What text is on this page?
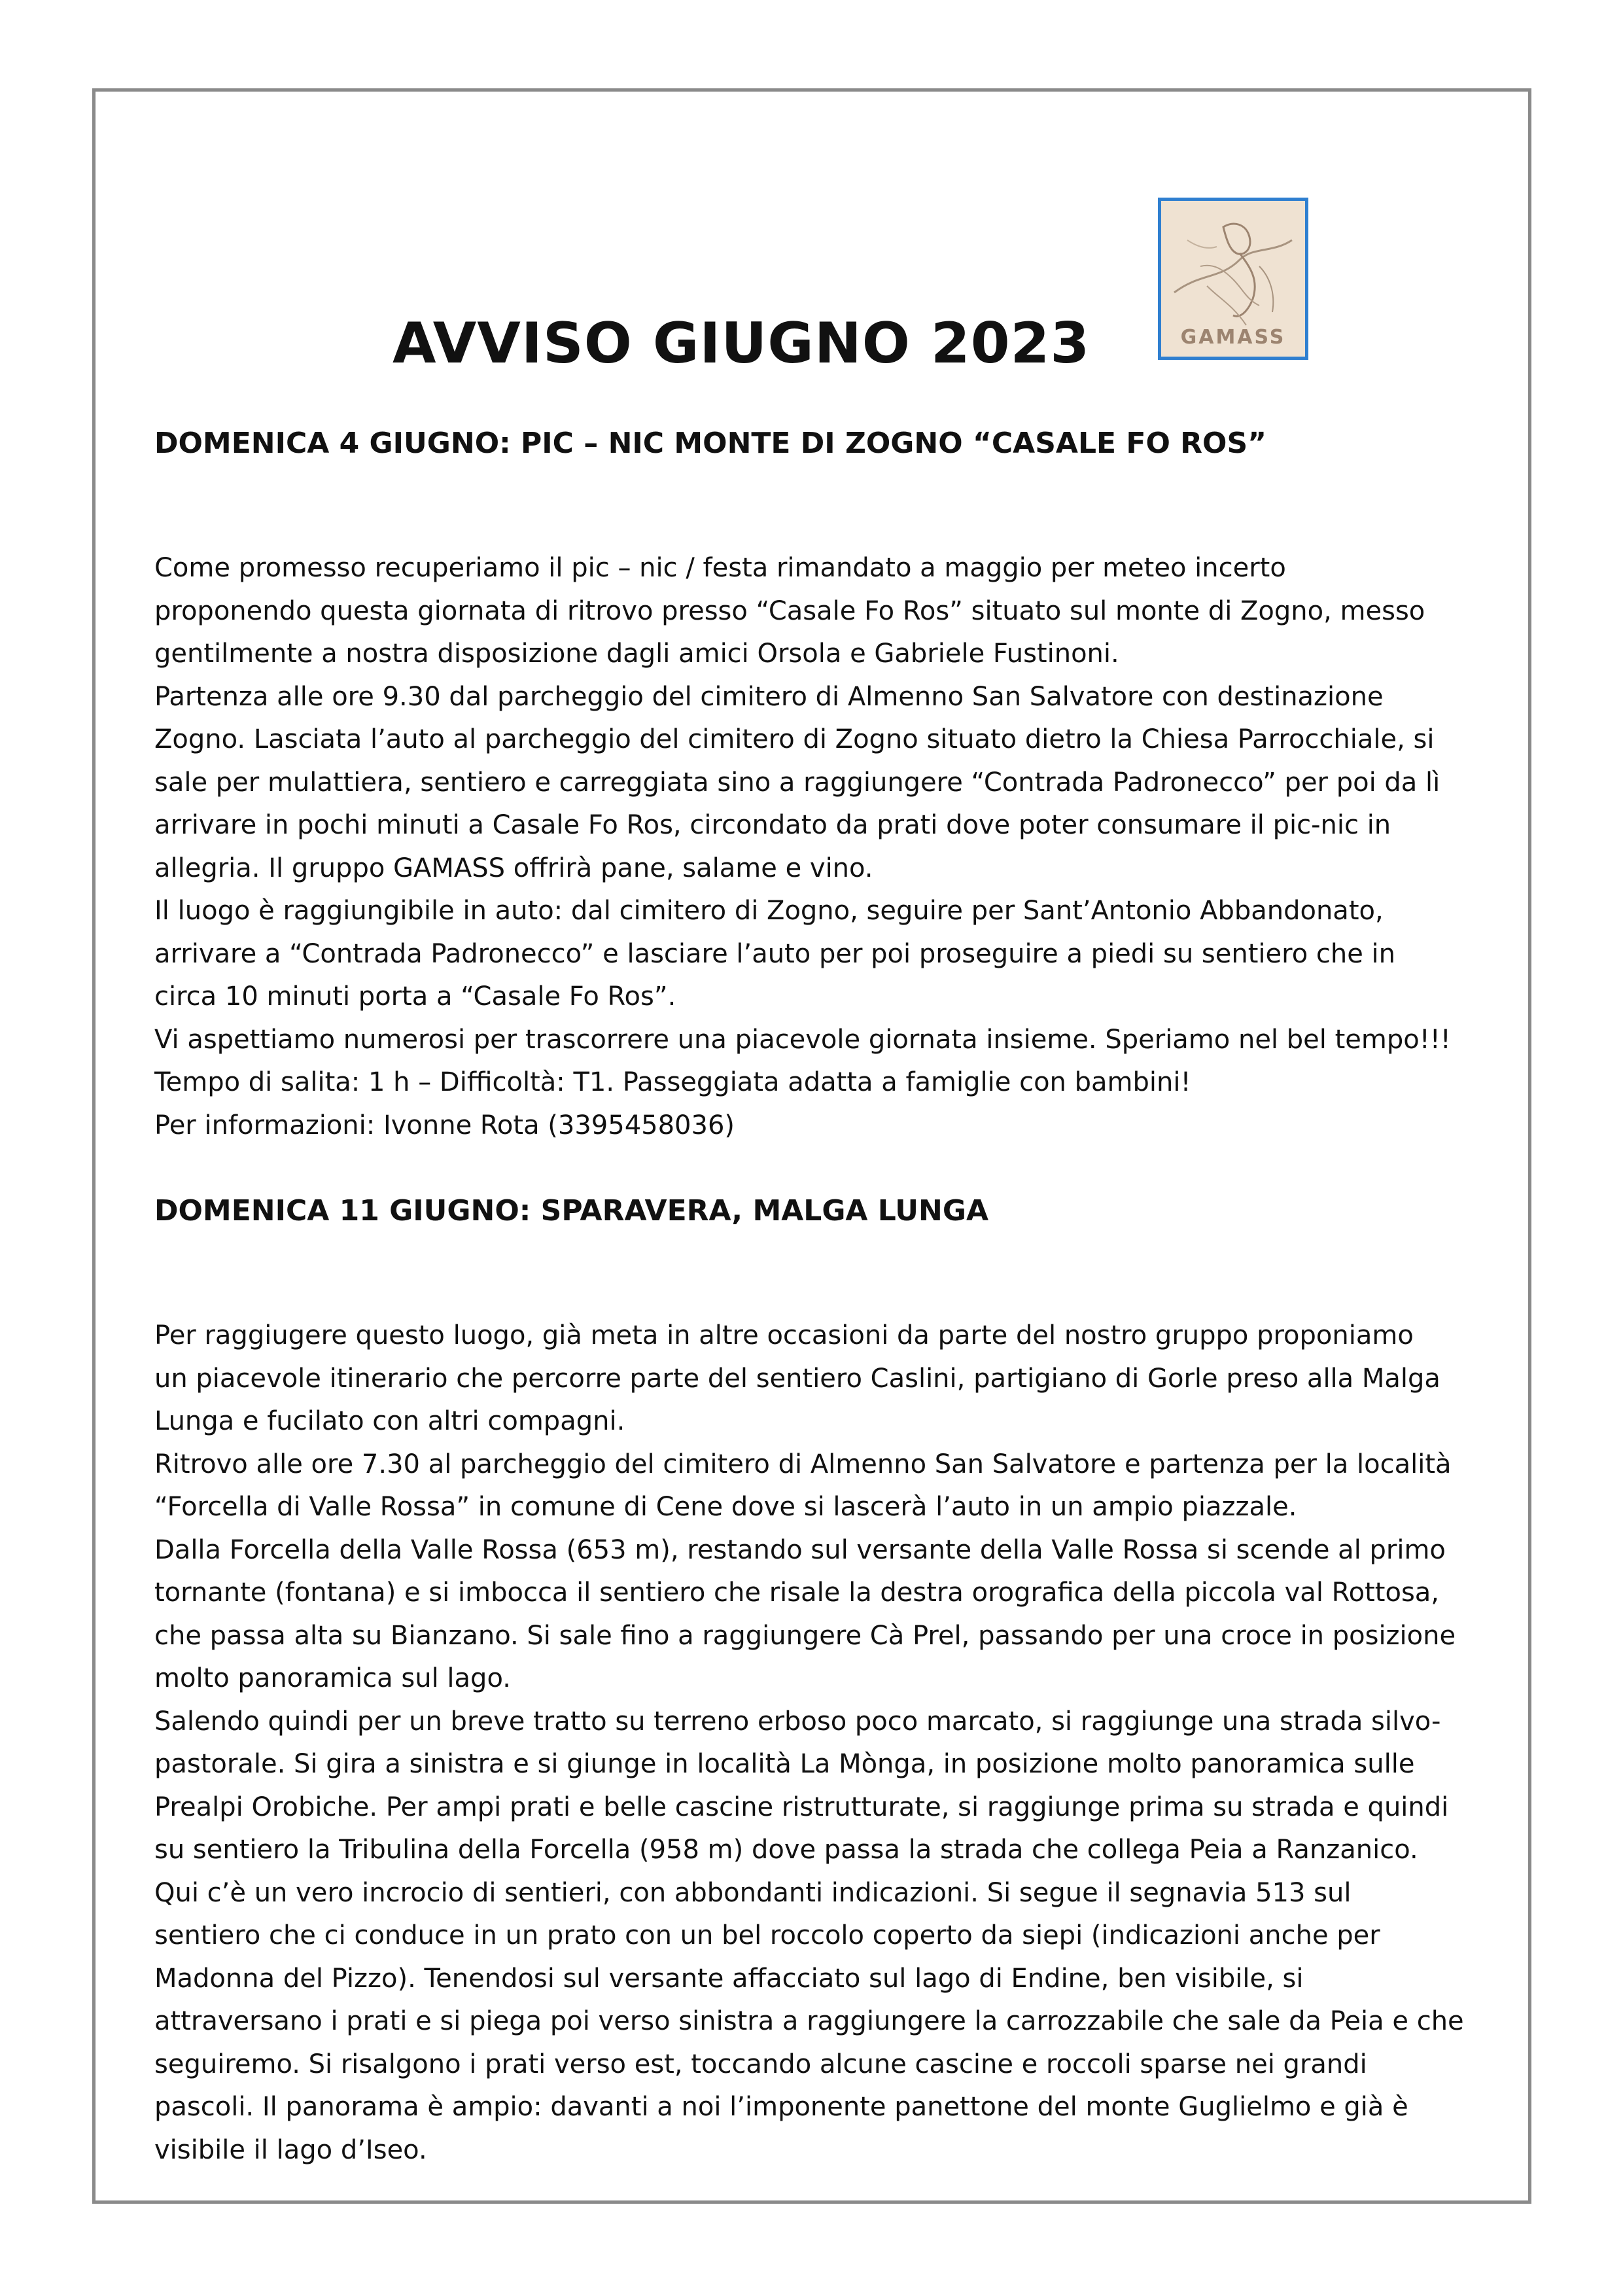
GAMASS
AVVISO GIUGNO 2023
DOMENICA 4 GIUGNO: PIC – NIC MONTE DI ZOGNO “CASALE FO ROS”

Come promesso recuperiamo il pic – nic / festa rimandato a maggio per meteo incerto
proponendo questa giornata di ritrovo presso “Casale Fo Ros” situato sul monte di Zogno, messo
gentilmente a nostra disposizione dagli amici Orsola e Gabriele Fustinoni.

Partenza alle ore 9.30 dal parcheggio del cimitero di Almenno San Salvatore con destinazione
Zogno. Lasciata l’auto al parcheggio del cimitero di Zogno situato dietro la Chiesa Parrocchiale, si
sale per mulattiera, sentiero e carreggiata sino a raggiungere “Contrada Padronecco” per poi da lì
arrivare in pochi minuti a Casale Fo Ros, circondato da prati dove poter consumare il pic-nic in
allegria. Il gruppo GAMASS offrirà pane, salame e vino.

Il luogo è raggiungibile in auto: dal cimitero di Zogno, seguire per Sant’Antonio Abbandonato,
arrivare a “Contrada Padronecco” e lasciare l’auto per poi proseguire a piedi su sentiero che in
circa 10 minuti porta a “Casale Fo Ros”.

Vi aspettiamo numerosi per trascorrere una piacevole giornata insieme. Speriamo nel bel tempo!!!

Tempo di salita: 1 h – Difficoltà: T1. Passeggiata adatta a famiglie con bambini!

Per informazioni: Ivonne Rota (3395458036)

DOMENICA 11 GIUGNO: SPARAVERA, MALGA LUNGA

Per raggiugere questo luogo, già meta in altre occasioni da parte del nostro gruppo proponiamo
un piacevole itinerario che percorre parte del sentiero Caslini, partigiano di Gorle preso alla Malga
Lunga e fucilato con altri compagni.

Ritrovo alle ore 7.30 al parcheggio del cimitero di Almenno San Salvatore e partenza per la località
“Forcella di Valle Rossa” in comune di Cene dove si lascerà l’auto in un ampio piazzale.

Dalla Forcella della Valle Rossa (653 m), restando sul versante della Valle Rossa si scende al primo
tornante (fontana) e si imbocca il sentiero che risale la destra orografica della piccola val Rottosa,
che passa alta su Bianzano. Si sale fino a raggiungere Cà Prel, passando per una croce in posizione
molto panoramica sul lago.

Salendo quindi per un breve tratto su terreno erboso poco marcato, si raggiunge una strada silvo-
pastorale. Si gira a sinistra e si giunge in località La Mònga, in posizione molto panoramica sulle
Prealpi Orobiche. Per ampi prati e belle cascine ristrutturate, si raggiunge prima su strada e quindi
su sentiero la Tribulina della Forcella (958 m) dove passa la strada che collega Peia a Ranzanico.
Qui c’è un vero incrocio di sentieri, con abbondanti indicazioni. Si segue il segnavia 513 sul
sentiero che ci conduce in un prato con un bel roccolo coperto da siepi (indicazioni anche per
Madonna del Pizzo). Tenendosi sul versante affacciato sul lago di Endine, ben visibile, si
attraversano i prati e si piega poi verso sinistra a raggiungere la carrozzabile che sale da Peia e che
seguiremo. Si risalgono i prati verso est, toccando alcune cascine e roccoli sparse nei grandi
pascoli. Il panorama è ampio: davanti a noi l’imponente panettone del monte Guglielmo e già è
visibile il lago d’Iseo.
